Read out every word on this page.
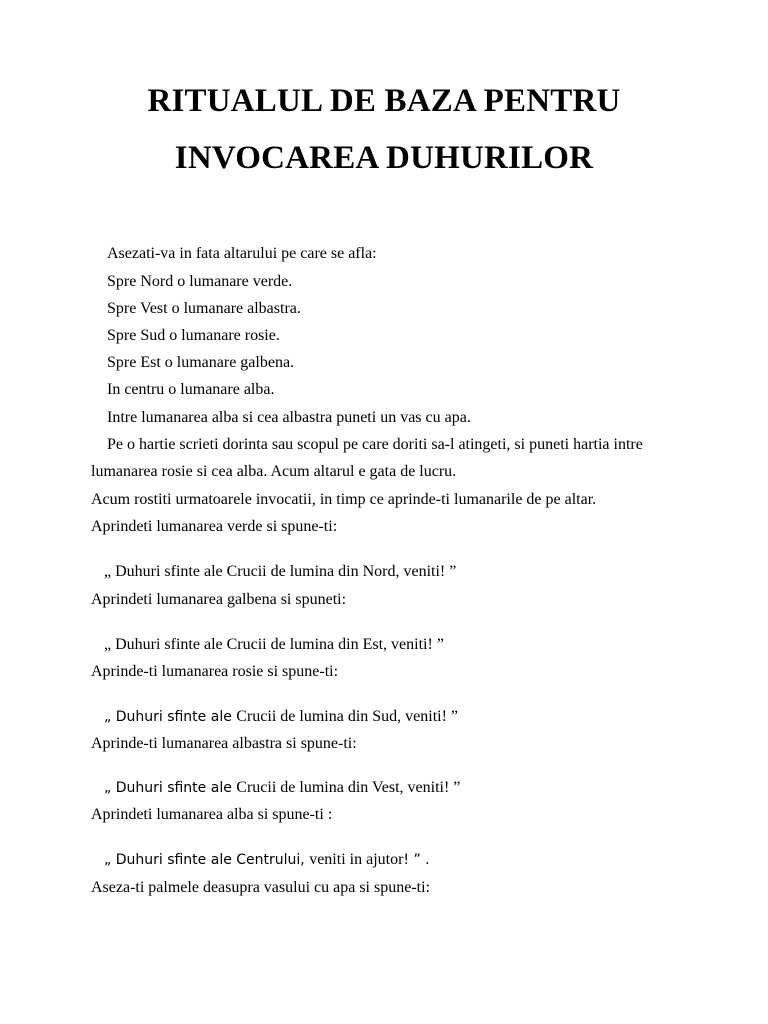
RITUALUL DE BAZA PENTRU
INVOCAREA DUHURILOR
Asezati-va in fata altarului pe care se afla:
Spre Nord o lumanare verde.
Spre Vest o lumanare albastra.
Spre Sud o lumanare rosie.
Spre Est o lumanare galbena.
In centru o lumanare alba.
Intre lumanarea alba si cea albastra puneti un vas cu apa.
Pe o hartie scrieti dorinta sau scopul pe care doriti sa-l atingeti, si puneti hartia intre
lumanarea rosie si cea alba. Acum altarul e gata de lucru.
Acum rostiti urmatoarele invocatii, in timp ce aprinde-ti lumanarile de pe altar.
Aprindeti lumanarea verde si spune-ti:
„ Duhuri sfinte ale Crucii de lumina din Nord, veniti! ”
Aprindeti lumanarea galbena si spuneti:
„ Duhuri sfinte ale Crucii de lumina din Est, veniti! ”
Aprinde-ti lumanarea rosie si spune-ti:
„ Duhuri sfinte ale Crucii de lumina din Sud, veniti! ”
Aprinde-ti lumanarea albastra si spune-ti:
„ Duhuri sfinte ale Crucii de lumina din Vest, veniti! ”
Aprindeti lumanarea alba si spune-ti :
„ Duhuri sfinte ale Centrului, veniti in ajutor! ” .
Aseza-ti palmele deasupra vasului cu apa si spune-ti:
